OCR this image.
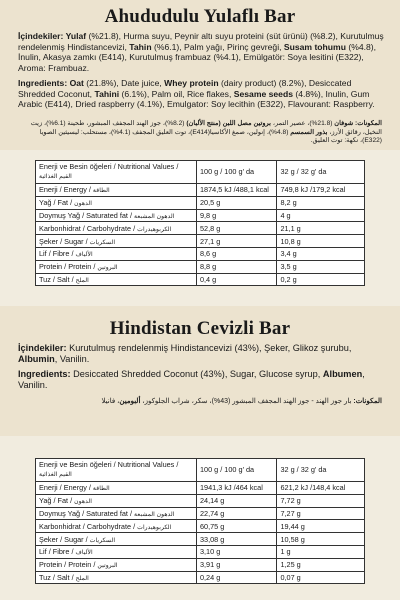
Ahududulu Yulaflı Bar

İçindekiler: Yulaf (%21.8), Hurma suyu, Peynir altı suyu proteini (süt ürünü) (%8.2), Kurutulmuş rendelenmiş Hindistancevizi, Tahin (%6.1), Palm yağı, Pirinç gevreği, Susam tohumu (%4.8), İnulin, Akasya zamkı (E414), Kurutulmuş frambuaz (%4.1), Emülgatör: Soya lesitini (E322), Aroma: Frambuaz.

Ingredients: Oat (21.8%), Date juice, Whey protein (dairy product) (8.2%), Desiccated Shredded Coconut, Tahini (6.1%), Palm oil, Rice flakes, Sesame seeds (4.8%), Inulin, Gum Arabic (E414), Dried raspberry (4.1%), Emulgator: Soy lecithin (E322), Flavourant: Raspberry.

المكونات: شوفان (21.8%)، عصير التمر، بروتين مصل اللبن (منتج الألبان) (8.2%)، جوز الهند المجفف المبشور، طحينة (6.1%)، زيت النخيل، رقائق الأرز، بذور السمسم (4.8%)، إنولين، صمغ الأكاسيا(E414)، توت العليق المجفف (4.1%)، مستحلب: ليسيثين الصويا (E322)، نكهة: توت العليق.

Enerji ve Besin öğeleri / Nutritional Values /
القيم الغذائية	100 g / 100 g' da	32 g / 32 g' da
Enerji / Energy / الطاقة	1874,5 kJ /488,1 kcal	749,8 kJ /179,2 kcal
Yağ / Fat / الدهون	20,5 g	8,2 g
Doymuş Yağ / Saturated fat / الدهون المشبعة	9,8 g	4 g
Karbonhidrat / Carbohydrate / الكربوهيدرات	52,8 g	21,1 g
Şeker / Sugar / السكريات	27,1 g	10,8 g
Lif / Fibre / الألياف	8,6 g	3,4 g
Protein / Protein / البروتين	8,8 g	3,5 g
Tuz / Salt / الملح	0,4 g	0,2 g
Hindistan Cevizli Bar

İçindekiler: Kurutulmuş rendelenmiş Hindistancevizi (43%), Şeker, Glikoz şurubu, Albumin, Vanilin.

Ingredients: Desiccated Shredded Coconut (43%), Sugar, Glucose syrup, Albumen, Vanilin.

المكونات: بار جوز الهند - جوز الهند المجفف المبشور (43%)، سكر، شراب الجلوكوز، ألبومين، فانيلا

Enerji ve Besin öğeleri / Nutritional Values /
القيم الغذائية	100 g / 100 g' da	32 g / 32 g' da
Enerji / Energy / الطاقة	1941,3 kJ /464 kcal	621,2 kJ /148,4 kcal
Yağ / Fat / الدهون	24,14 g	7,72 g
Doymuş Yağ / Saturated fat / الدهون المشبعة	22,74 g	7,27 g
Karbonhidrat / Carbohydrate / الكربوهيدرات	60,75 g	19,44 g
Şeker / Sugar / السكريات	33,08 g	10,58 g
Lif / Fibre / الألياف	3,10 g	1 g
Protein / Protein / البروتين	3,91 g	1,25 g
Tuz / Salt / الملح	0,24 g	0,07 g
